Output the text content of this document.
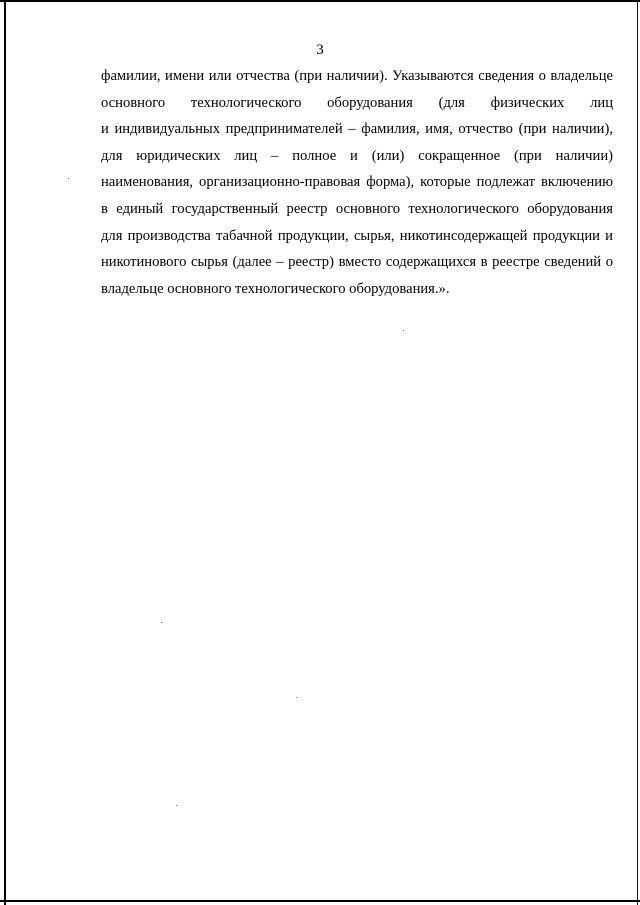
3
фамилии, имени или отчества (при наличии). Указываются сведения о владельце
основного технологического оборудования (для физических лиц
и индивидуальных предпринимателей – фамилия, имя, отчество (при наличии),
для юридических лиц – полное и (или) сокращенное (при наличии)
наименования, организационно-правовая форма), которые подлежат включению
в единый государственный реестр основного технологического оборудования
для производства табачной продукции, сырья, никотинсодержащей продукции и
никотинового сырья (далее – реестр) вместо содержащихся в реестре сведений о
владельце основного технологического оборудования.».
